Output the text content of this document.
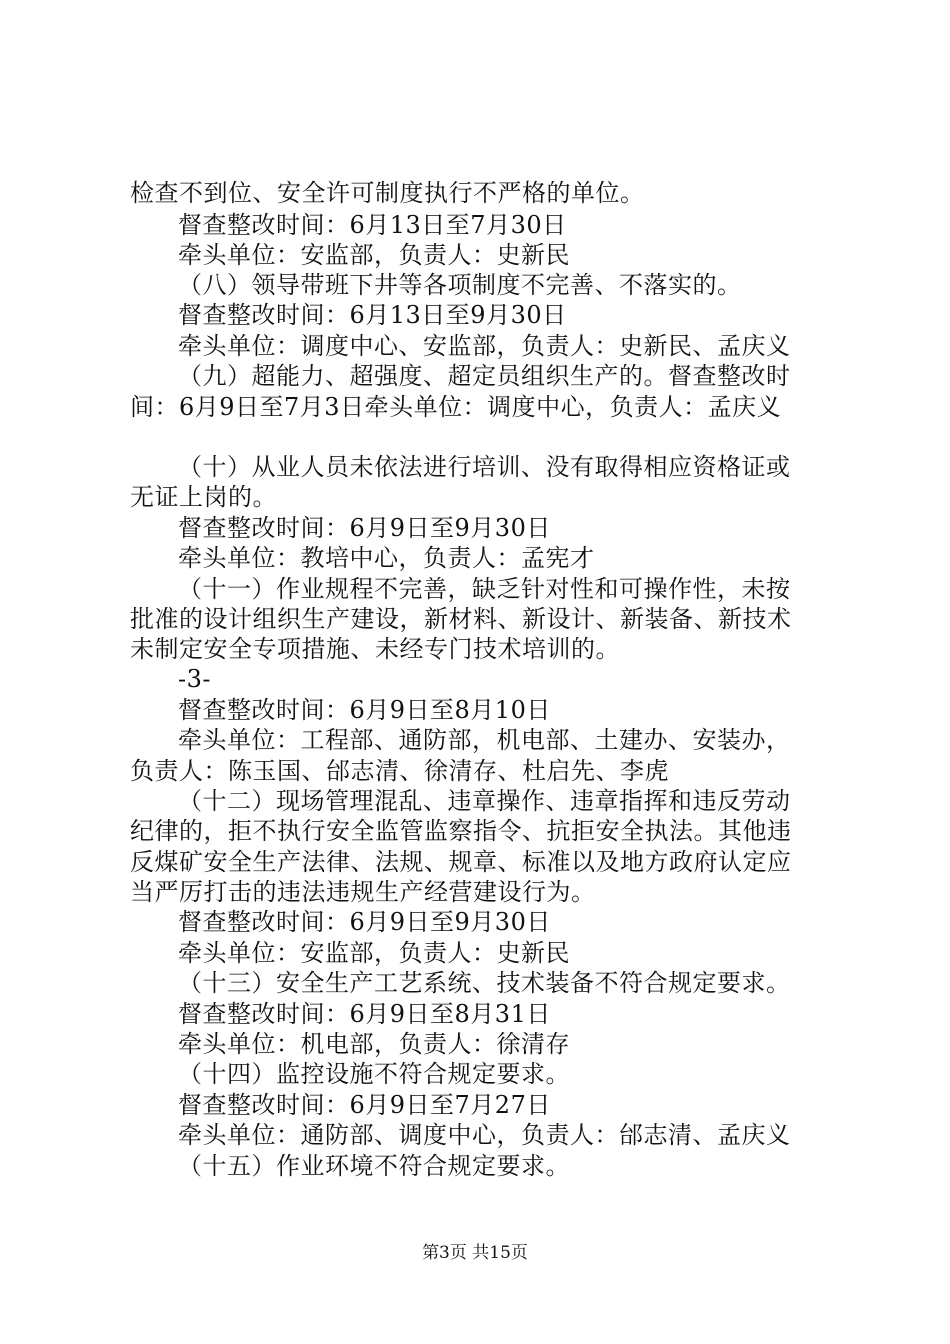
检查不到位、安全许可制度执行不严格的单位。
督查整改时间：6月13日至7月30日
牵头单位：安监部，负责人：史新民
（八）领导带班下井等各项制度不完善、不落实的。
督查整改时间：6月13日至9月30日
牵头单位：调度中心、安监部，负责人：史新民、孟庆义
（九）超能力、超强度、超定员组织生产的。督查整改时
间：6月9日至7月3日牵头单位：调度中心，负责人：孟庆义
（十）从业人员未依法进行培训、没有取得相应资格证或
无证上岗的。
督查整改时间：6月9日至9月30日
牵头单位：教培中心，负责人：孟宪才
（十一）作业规程不完善，缺乏针对性和可操作性，未按
批准的设计组织生产建设，新材料、新设计、新装备、新技术
未制定安全专项措施、未经专门技术培训的。
-3-
督查整改时间：6月9日至8月10日
牵头单位：工程部、通防部，机电部、土建办、安装办，
负责人：陈玉国、邰志清、徐清存、杜启先、李虎
（十二）现场管理混乱、违章操作、违章指挥和违反劳动
纪律的，拒不执行安全监管监察指令、抗拒安全执法。其他违
反煤矿安全生产法律、法规、规章、标准以及地方政府认定应
当严厉打击的违法违规生产经营建设行为。
督查整改时间：6月9日至9月30日
牵头单位：安监部，负责人：史新民
（十三）安全生产工艺系统、技术装备不符合规定要求。
督查整改时间：6月9日至8月31日
牵头单位：机电部，负责人：徐清存
（十四）监控设施不符合规定要求。
督查整改时间：6月9日至7月27日
牵头单位：通防部、调度中心，负责人：邰志清、孟庆义
（十五）作业环境不符合规定要求。
第3页 共15页
